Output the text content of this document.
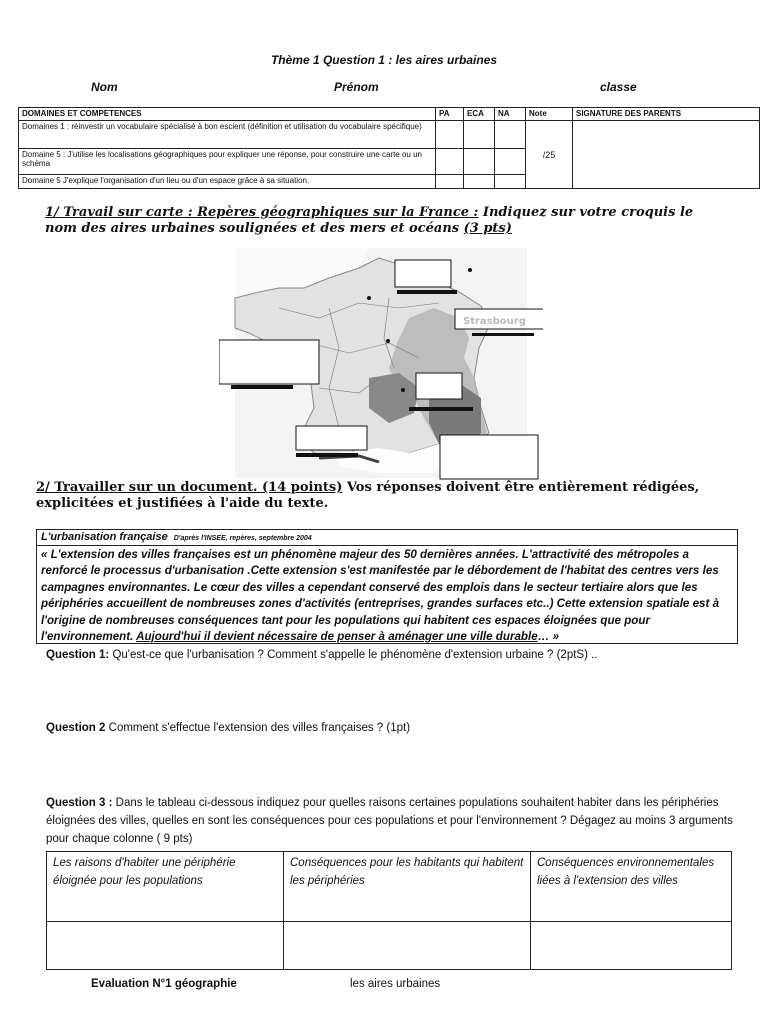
Thème 1 Question 1 : les aires urbaines
Nom	Prénom	classe
DOMAINES ET COMPETENCES	PA	ECA	NA	Note	SIGNATURE DES PARENTS
Domaines 1 : réinvestir un vocabulaire spécialisé à bon escient (définition et utilisation du vocabulaire spécifique)				/25	
Domaine 5 : J'utilise les localisations géographiques pour expliquer une réponse, pour construire une carte ou un schéma					
Domaine 5 J'explique l'organisation d'un lieu ou d'un espace grâce à sa situation.					
1/ Travail sur carte : Repères géographiques sur la France : Indiquez sur votre croquis le nom des aires urbaines soulignées et des mers et océans (3 pts)
Strasbourg
2/ Travailler sur un document. (14 points) Vos réponses doivent être entièrement rédigées, explicitées et justifiées à l'aide du texte.
L'urbanisation française D'après l'INSEE, repères, septembre 2004
« L'extension des villes françaises est un phénomène majeur des 50 dernières années. L'attractivité des métropoles a renforcé le processus d'urbanisation .Cette extension s'est manifestée par le débordement de l'habitat des centres vers les campagnes environnantes. Le cœur des villes a cependant conservé des emplois dans le secteur tertiaire alors que les périphéries accueillent de nombreuses zones d'activités (entreprises, grandes surfaces etc..) Cette extension spatiale est à l'origine de nombreuses conséquences tant pour les populations qui habitent ces espaces éloignées que pour l'environnement. Aujourd'hui il devient nécessaire de penser à aménager une ville durable… »
Question 1: Qu'est-ce que l'urbanisation ? Comment s'appelle le phénomène d'extension urbaine ? (2ptS) ..
Question 2 Comment s'effectue l'extension des villes françaises ? (1pt)
Question 3 : Dans le tableau ci-dessous indiquez pour quelles raisons certaines populations souhaitent habiter dans les périphéries éloignées des villes, quelles en sont les conséquences pour ces populations et pour l'environnement ? Dégagez au moins 3 arguments pour chaque colonne ( 9 pts)
Les raisons d'habiter une périphérie éloignée pour les populations	Conséquences pour les habitants qui habitent les périphéries	Conséquences environnementales liées à l'extension des villes

Evaluation N°1 géographie	les aires urbaines
